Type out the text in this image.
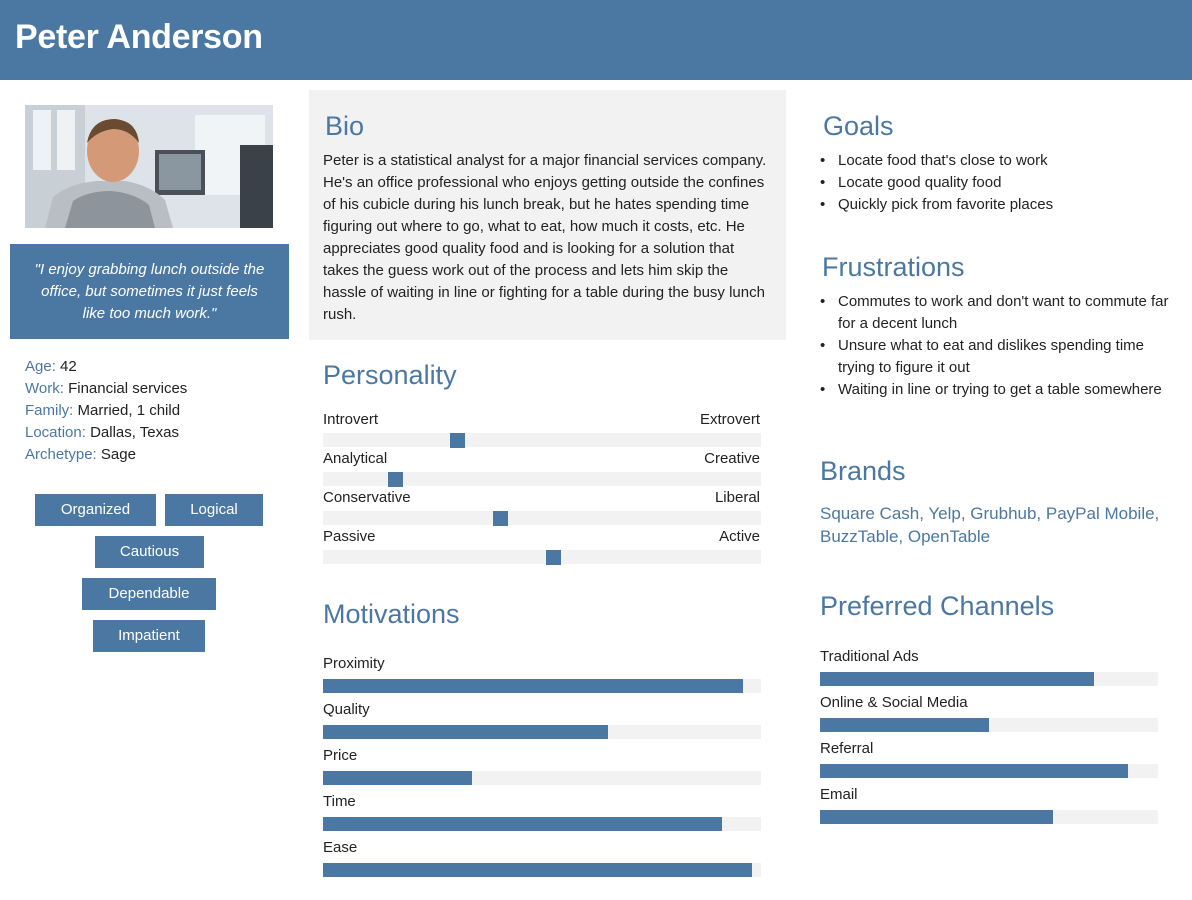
Peter Anderson
"I enjoy grabbing lunch outside the office, but sometimes it just feels like too much work."
Age: 42
Work: Financial services
Family: Married, 1 child
Location: Dallas, Texas
Archetype: Sage
Organized	Logical
Cautious
Dependable
Impatient
Bio
Peter is a statistical analyst for a major financial services company. He's an office professional who enjoys getting outside the confines of his cubicle during his lunch break, but he hates spending time figuring out where to go, what to eat, how much it costs, etc. He appreciates good quality food and is looking for a solution that takes the guess work out of the process and lets him skip the hassle of waiting in line or fighting for a table during the busy lunch rush.
Personality
Introvert	Extrovert
Analytical	Creative
Conservative	Liberal
Passive	Active
Motivations
Proximity
Quality
Price
Time
Ease
Goals
• Locate food that's close to work
• Locate good quality food
• Quickly pick from favorite places
Frustrations
• Commutes to work and don't want to commute far for a decent lunch
• Unsure what to eat and dislikes spending time trying to figure it out
• Waiting in line or trying to get a table somewhere
Brands
Square Cash, Yelp, Grubhub, PayPal Mobile, BuzzTable, OpenTable
Preferred Channels
Traditional Ads
Online & Social Media
Referral
Email
